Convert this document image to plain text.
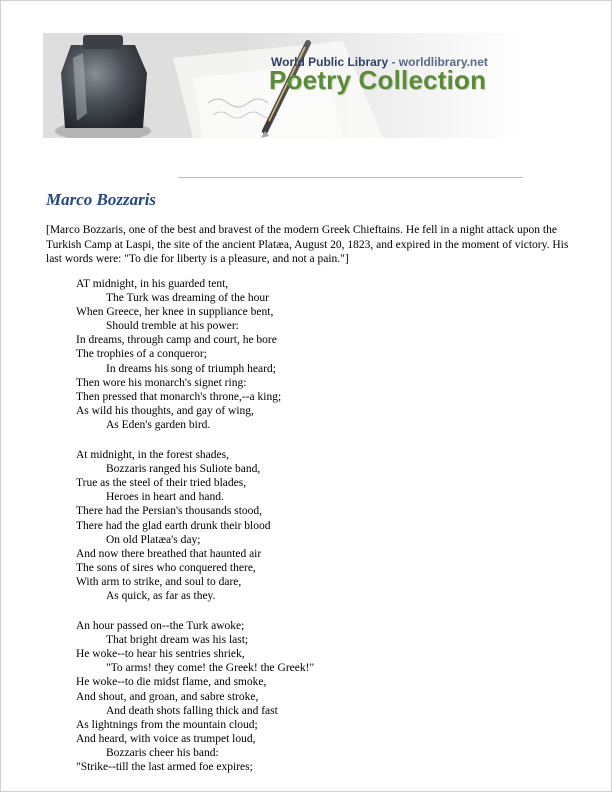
World Public Library - worldlibrary.net
Poetry Collection
Marco Bozzaris

[Marco Bozzaris, one of the best and bravest of the modern Greek Chieftains. He fell in a night attack upon the Turkish Camp at Laspi, the site of the ancient Platæa, August 20, 1823, and expired in the moment of victory. His last words were: "To die for liberty is a pleasure, and not a pain."]

AT midnight, in his guarded tent,
The Turk was dreaming of the hour
When Greece, her knee in suppliance bent,
Should tremble at his power:
In dreams, through camp and court, he bore
The trophies of a conqueror;
In dreams his song of triumph heard;
Then wore his monarch's signet ring:
Then pressed that monarch's throne,--a king;
As wild his thoughts, and gay of wing,
As Eden's garden bird.
At midnight, in the forest shades,
Bozzaris ranged his Suliote band,
True as the steel of their tried blades,
Heroes in heart and hand.
There had the Persian's thousands stood,
There had the glad earth drunk their blood
On old Platæa's day;
And now there breathed that haunted air
The sons of sires who conquered there,
With arm to strike, and soul to dare,
As quick, as far as they.
An hour passed on--the Turk awoke;
That bright dream was his last;
He woke--to hear his sentries shriek,
"To arms! they come! the Greek! the Greek!"
He woke--to die midst flame, and smoke,
And shout, and groan, and sabre stroke,
And death shots falling thick and fast
As lightnings from the mountain cloud;
And heard, with voice as trumpet loud,
Bozzaris cheer his band:
"Strike--till the last armed foe expires;
